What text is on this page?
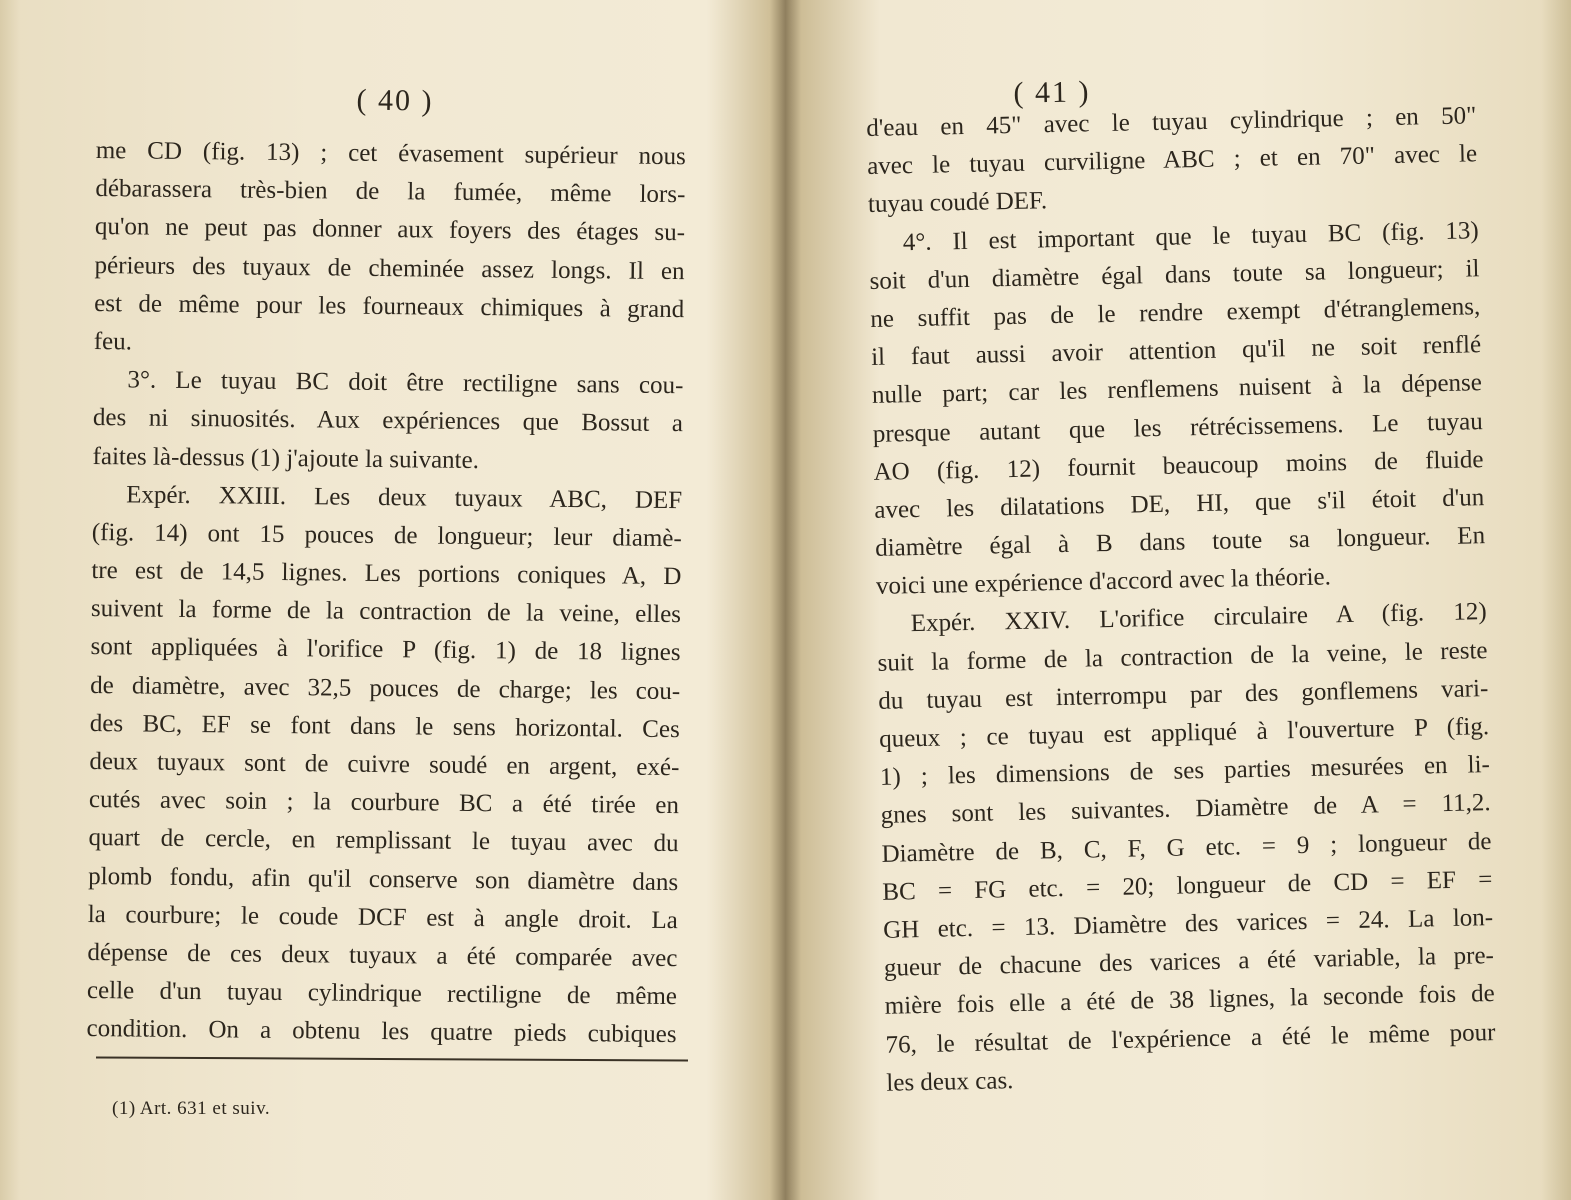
( 40 )
me CD (fig. 13) ; cet évasement supérieur nous
débarassera très-bien de la fumée, même lors-
qu'on ne peut pas donner aux foyers des étages su-
périeurs des tuyaux de cheminée assez longs. Il en
est de même pour les fourneaux chimiques à grand
feu.
3°. Le tuyau BC doit être rectiligne sans cou-
des ni sinuosités. Aux expériences que Bossut a
faites là-dessus (1) j'ajoute la suivante.
Expér. XXIII. Les deux tuyaux ABC, DEF
(fig. 14) ont 15 pouces de longueur; leur diamè-
tre est de 14,5 lignes. Les portions coniques A, D
suivent la forme de la contraction de la veine, elles
sont appliquées à l'orifice P (fig. 1) de 18 lignes
de diamètre, avec 32,5 pouces de charge; les cou-
des BC, EF se font dans le sens horizontal. Ces
deux tuyaux sont de cuivre soudé en argent, exé-
cutés avec soin ; la courbure BC a été tirée en
quart de cercle, en remplissant le tuyau avec du
plomb fondu, afin qu'il conserve son diamètre dans
la courbure; le coude DCF est à angle droit. La
dépense de ces deux tuyaux a été comparée avec
celle d'un tuyau cylindrique rectiligne de même
condition. On a obtenu les quatre pieds cubiques
(1) Art. 631 et suiv.
( 41 )
d'eau en 45" avec le tuyau cylindrique ; en 50"
avec le tuyau curviligne ABC ; et en 70" avec le
tuyau coudé DEF.
4°. Il est important que le tuyau BC (fig. 13)
soit d'un diamètre égal dans toute sa longueur; il
ne suffit pas de le rendre exempt d'étranglemens,
il faut aussi avoir attention qu'il ne soit renflé
nulle part; car les renflemens nuisent à la dépense
presque autant que les rétrécissemens. Le tuyau
AO (fig. 12) fournit beaucoup moins de fluide
avec les dilatations DE, HI, que s'il étoit d'un
diamètre égal à B dans toute sa longueur. En
voici une expérience d'accord avec la théorie.
Expér. XXIV. L'orifice circulaire A (fig. 12)
suit la forme de la contraction de la veine, le reste
du tuyau est interrompu par des gonflemens vari-
queux ; ce tuyau est appliqué à l'ouverture P (fig.
1) ; les dimensions de ses parties mesurées en li-
gnes sont les suivantes. Diamètre de A = 11,2.
Diamètre de B, C, F, G etc. = 9 ; longueur de
BC = FG etc. = 20; longueur de CD = EF =
GH etc. = 13. Diamètre des varices = 24. La lon-
gueur de chacune des varices a été variable, la pre-
mière fois elle a été de 38 lignes, la seconde fois de
76, le résultat de l'expérience a été le même pour
les deux cas.
